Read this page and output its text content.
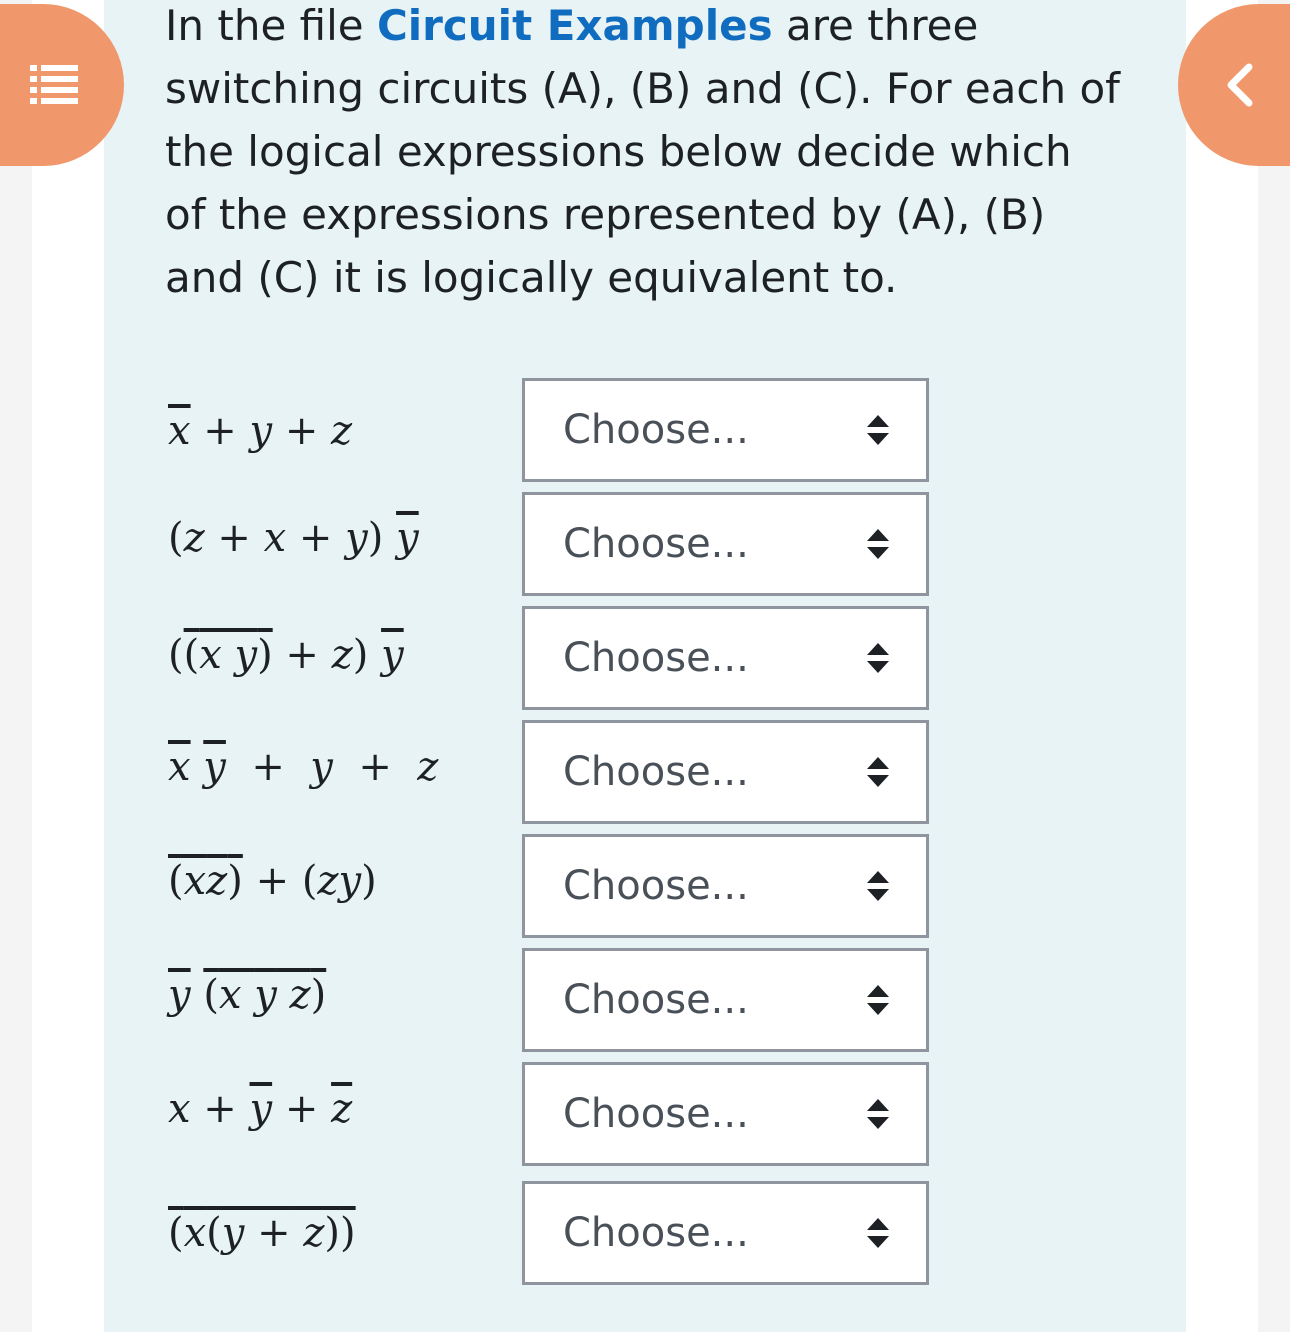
In the file Circuit Examples are three switching circuits (A), (B) and (C). For each of the logical expressions below decide which of the expressions represented by (A), (B) and (C) it is logically equivalent to.

$\overline{x} + y + z$
(z + x + y) $\overline{y}$
((x y) + z) $\overline{y}$
$\overline{x}$ $\overline{y} + y + z$
(xz) + (zy)
$\overline{y}$ (x y z)
$x + \overline{y} + \overline{z}$
(x(y + z))
Choose...
Choose...
Choose...
Choose...
Choose...
Choose...
Choose...
Choose...
